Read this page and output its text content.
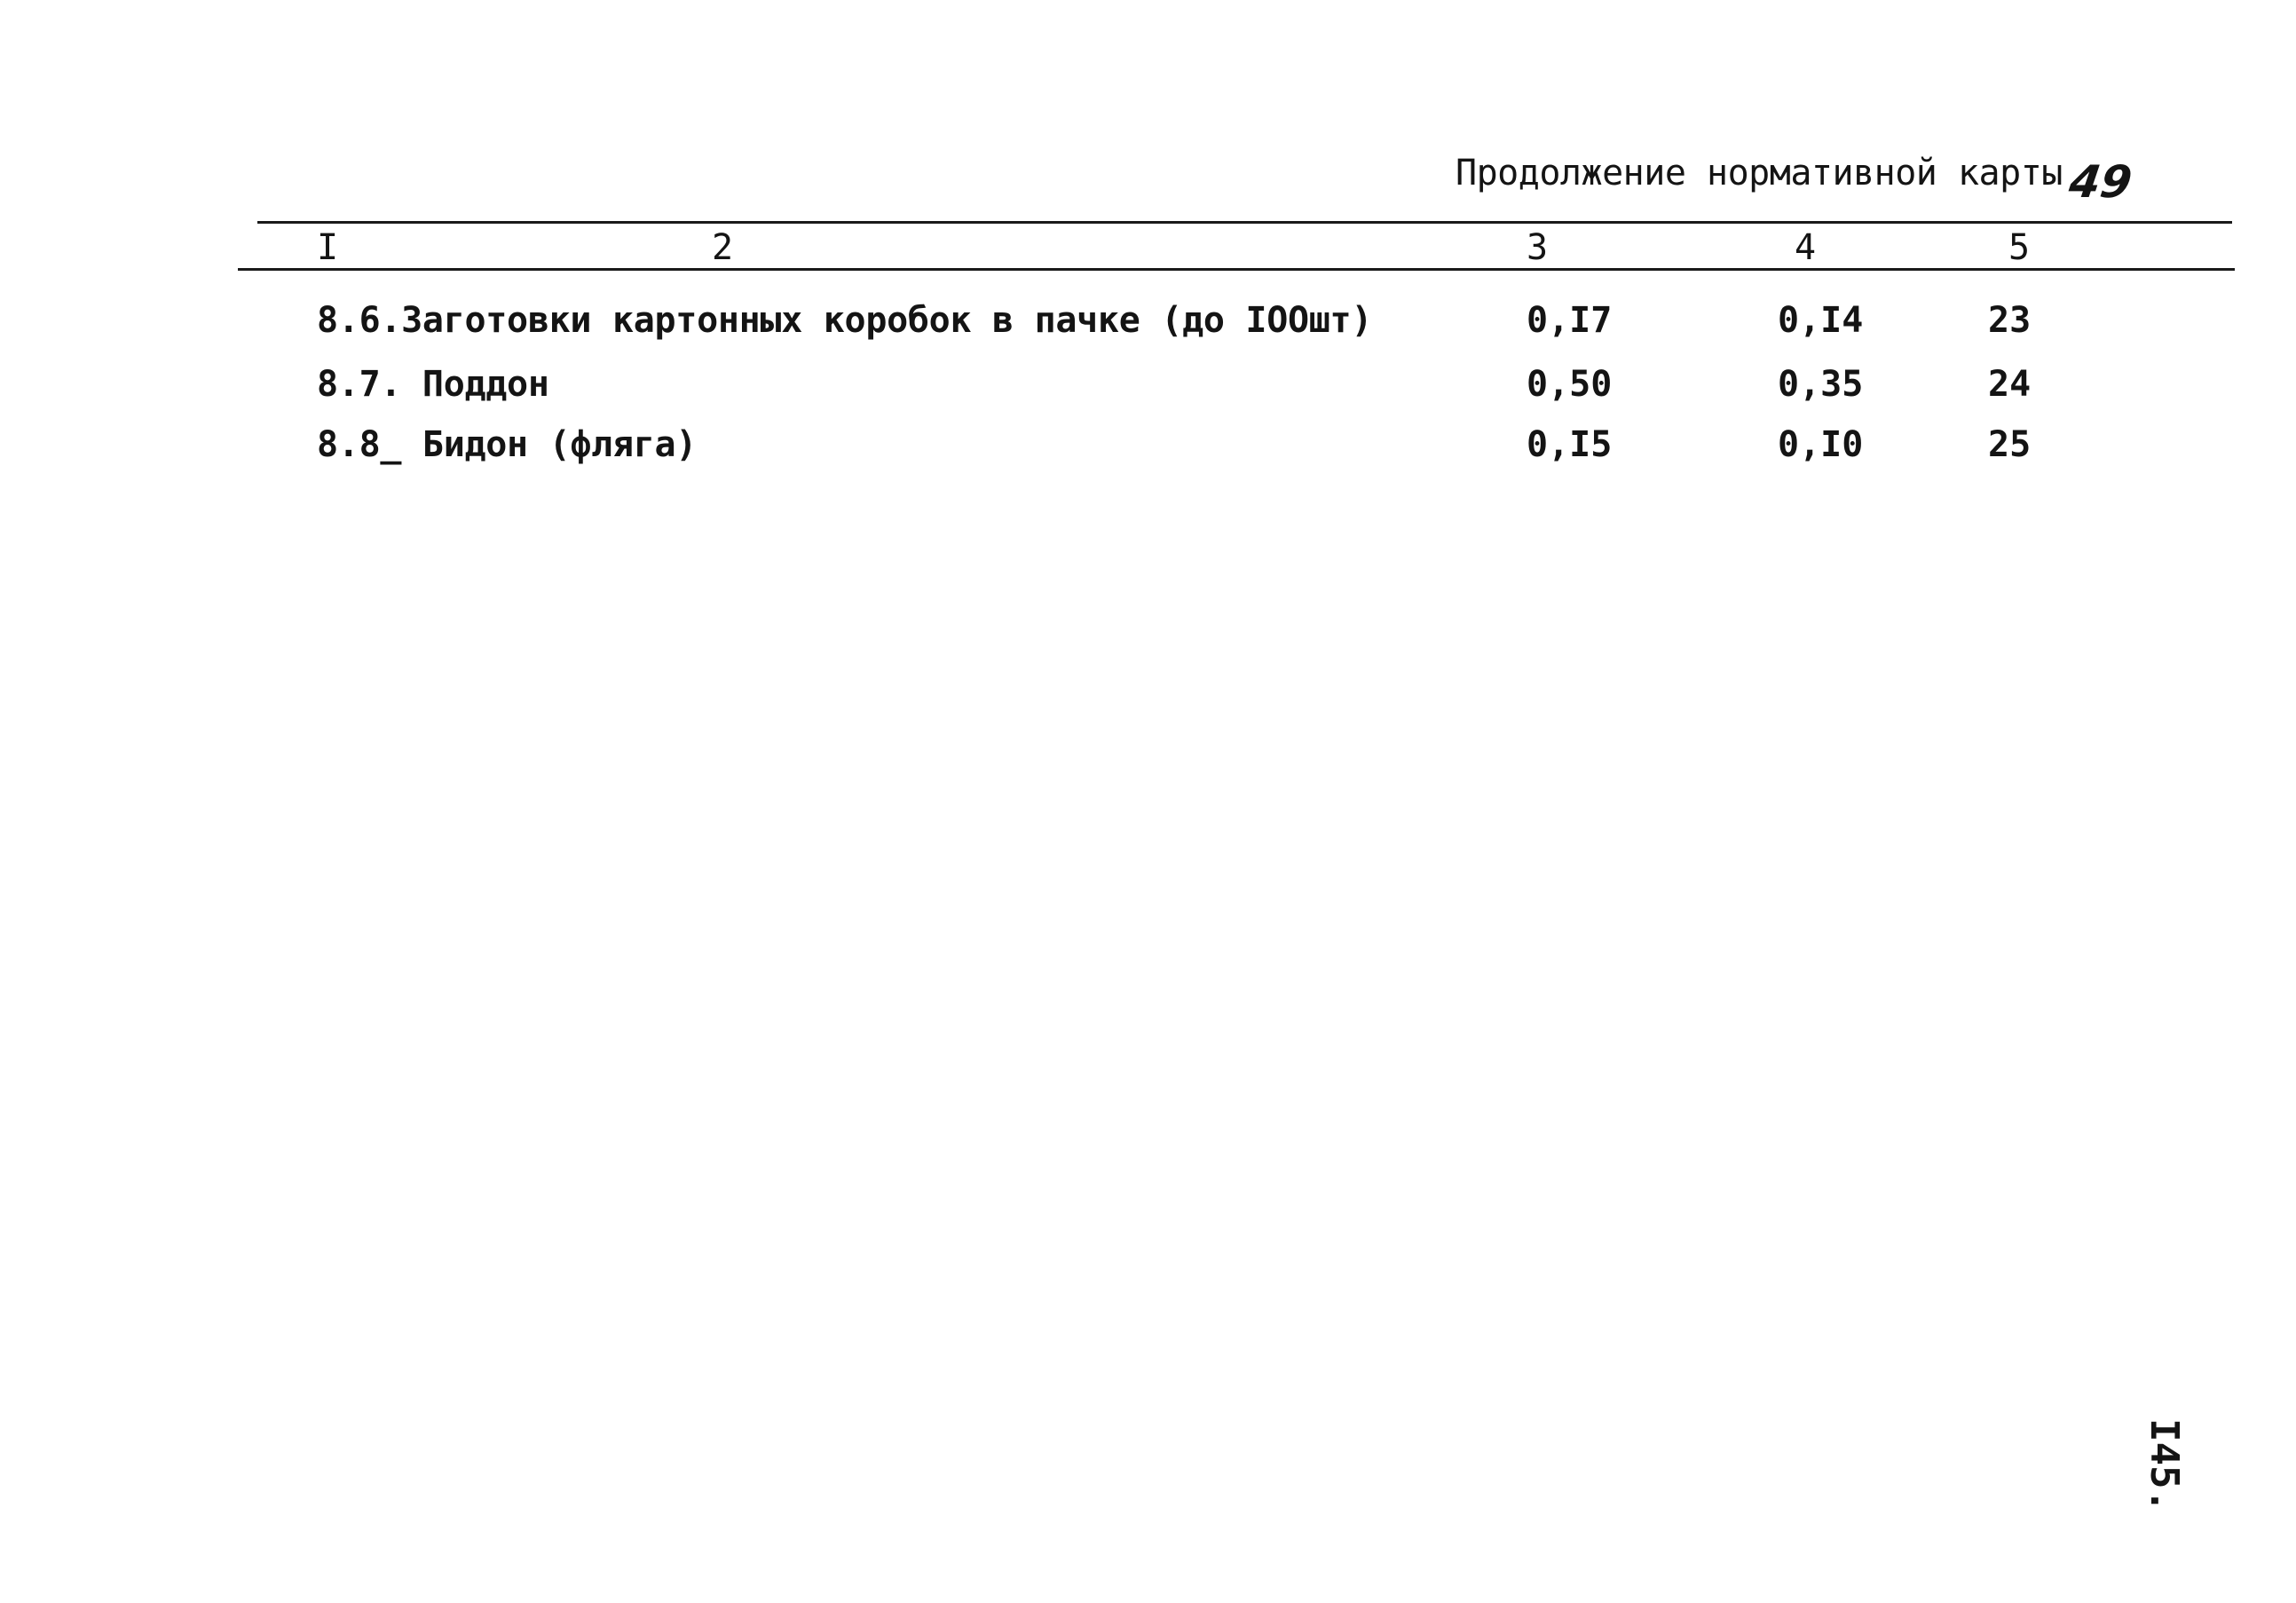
Продолжение нормативной карты 49
I	2	3	4	5
8.6.Заготовки картонных коробок в пачке (до IOOшт)	0,I7	0,I4	23
8.7. Поддон	0,50	0,35	24
8.8_ Бидон (фляга)	0,I5	0,I0	25
I45.
